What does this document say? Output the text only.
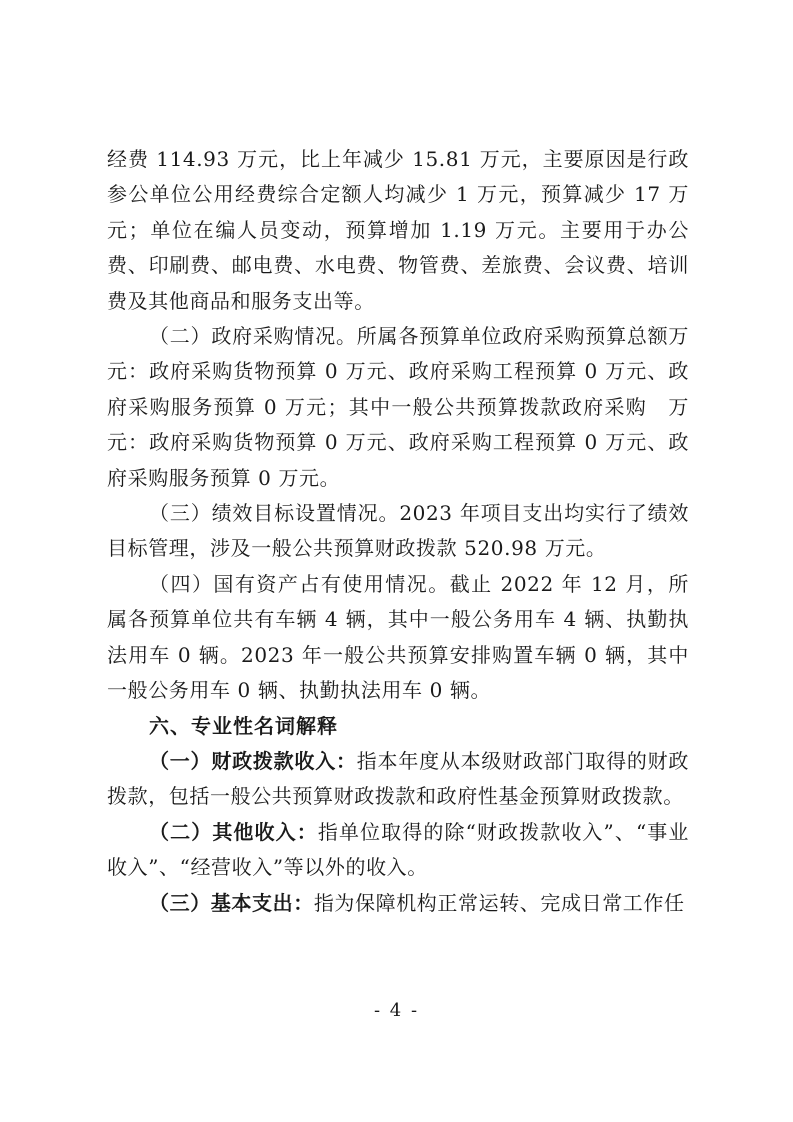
经费 114.93 万元，比上年减少 15.81 万元，主要原因是行政参公单位公用经费综合定额人均减少 1 万元，预算减少 17 万元；单位在编人员变动，预算增加 1.19 万元。主要用于办公费、印刷费、邮电费、水电费、物管费、差旅费、会议费、培训费及其他商品和服务支出等。

（二）政府采购情况。所属各预算单位政府采购预算总额万元：政府采购货物预算 0 万元、政府采购工程预算 0 万元、政府采购服务预算 0 万元；其中一般公共预算拨款政府采购　万元：政府采购货物预算 0 万元、政府采购工程预算 0 万元、政府采购服务预算 0 万元。

（三）绩效目标设置情况。2023 年项目支出均实行了绩效目标管理，涉及一般公共预算财政拨款 520.98 万元。

（四）国有资产占有使用情况。截止 2022 年 12 月，所属各预算单位共有车辆 4 辆，其中一般公务用车 4 辆、执勤执法用车 0 辆。2023 年一般公共预算安排购置车辆 0 辆，其中一般公务用车 0 辆、执勤执法用车 0 辆。

六、专业性名词解释

（一）财政拨款收入：指本年度从本级财政部门取得的财政拨款，包括一般公共预算财政拨款和政府性基金预算财政拨款。

（二）其他收入：指单位取得的除“财政拨款收入”、“事业收入”、“经营收入”等以外的收入。

（三）基本支出：指为保障机构正常运转、完成日常工作任

- 4 -
